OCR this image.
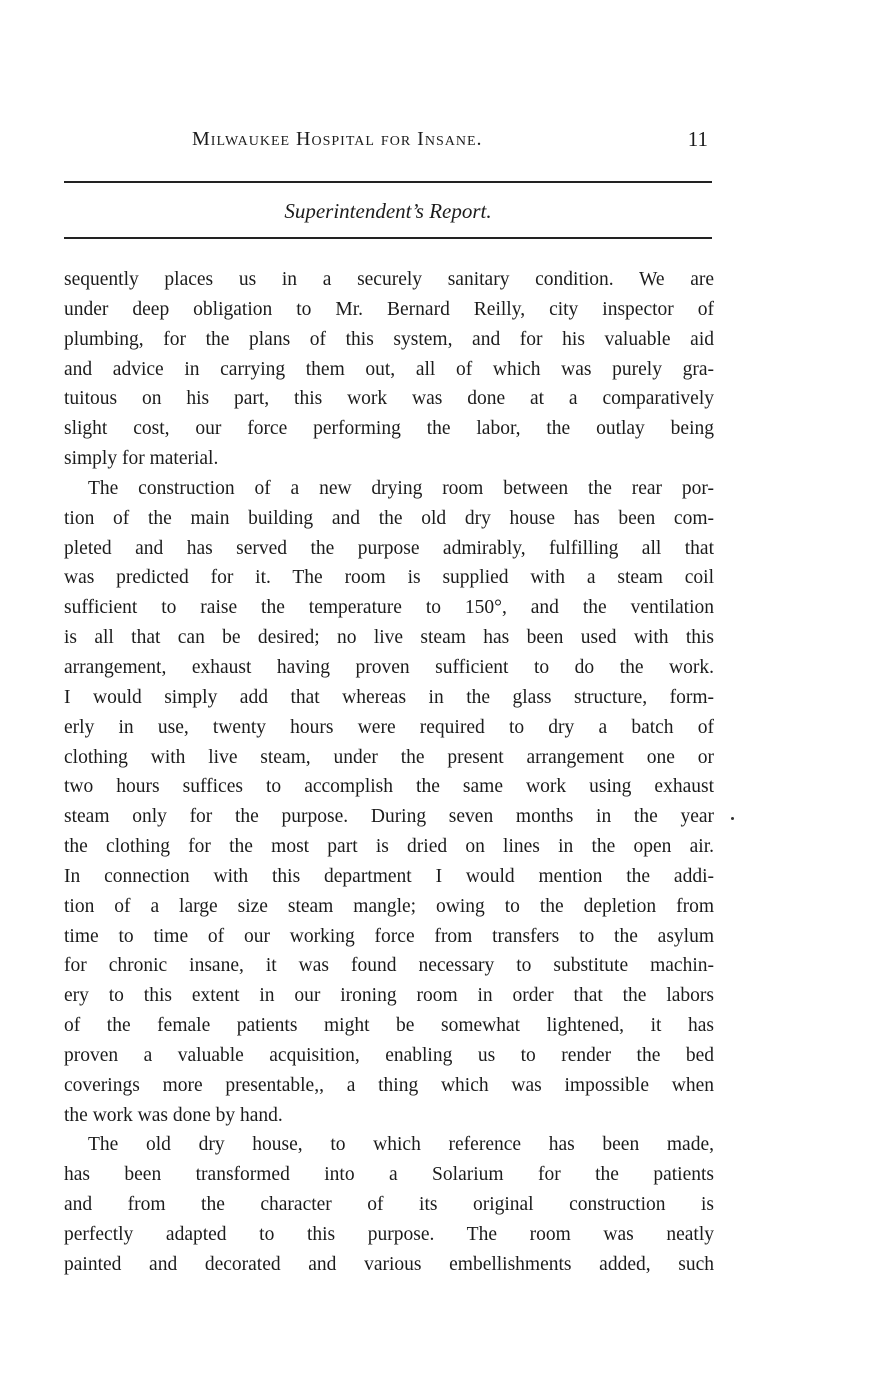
Milwaukee Hospital for Insane.	11
Superintendent’s Report.
sequently places us in a securely sanitary condition. We are
under deep obligation to Mr. Bernard Reilly, city inspector of
plumbing, for the plans of this system, and for his valuable aid
and advice in carrying them out, all of which was purely gra-
tuitous on his part, this work was done at a comparatively
slight cost, our force performing the labor, the outlay being
simply for material.
The construction of a new drying room between the rear por-
tion of the main building and the old dry house has been com-
pleted and has served the purpose admirably, fulfilling all that
was predicted for it. The room is supplied with a steam coil
sufficient to raise the temperature to 150°, and the ventilation
is all that can be desired; no live steam has been used with this
arrangement, exhaust having proven sufficient to do the work.
I would simply add that whereas in the glass structure, form-
erly in use, twenty hours were required to dry a batch of
clothing with live steam, under the present arrangement one or
two hours suffices to accomplish the same work using exhaust
steam only for the purpose. During seven months in the year
the clothing for the most part is dried on lines in the open air.
In connection with this department I would mention the addi-
tion of a large size steam mangle; owing to the depletion from
time to time of our working force from transfers to the asylum
for chronic insane, it was found necessary to substitute machin-
ery to this extent in our ironing room in order that the labors
of the female patients might be somewhat lightened, it has
proven a valuable acquisition, enabling us to render the bed
coverings more presentable,, a thing which was impossible when
the work was done by hand.
The old dry house, to which reference has been made,
has been transformed into a Solarium for the patients
and from the character of its original construction is
perfectly adapted to this purpose. The room was neatly
painted and decorated and various embellishments added, such
